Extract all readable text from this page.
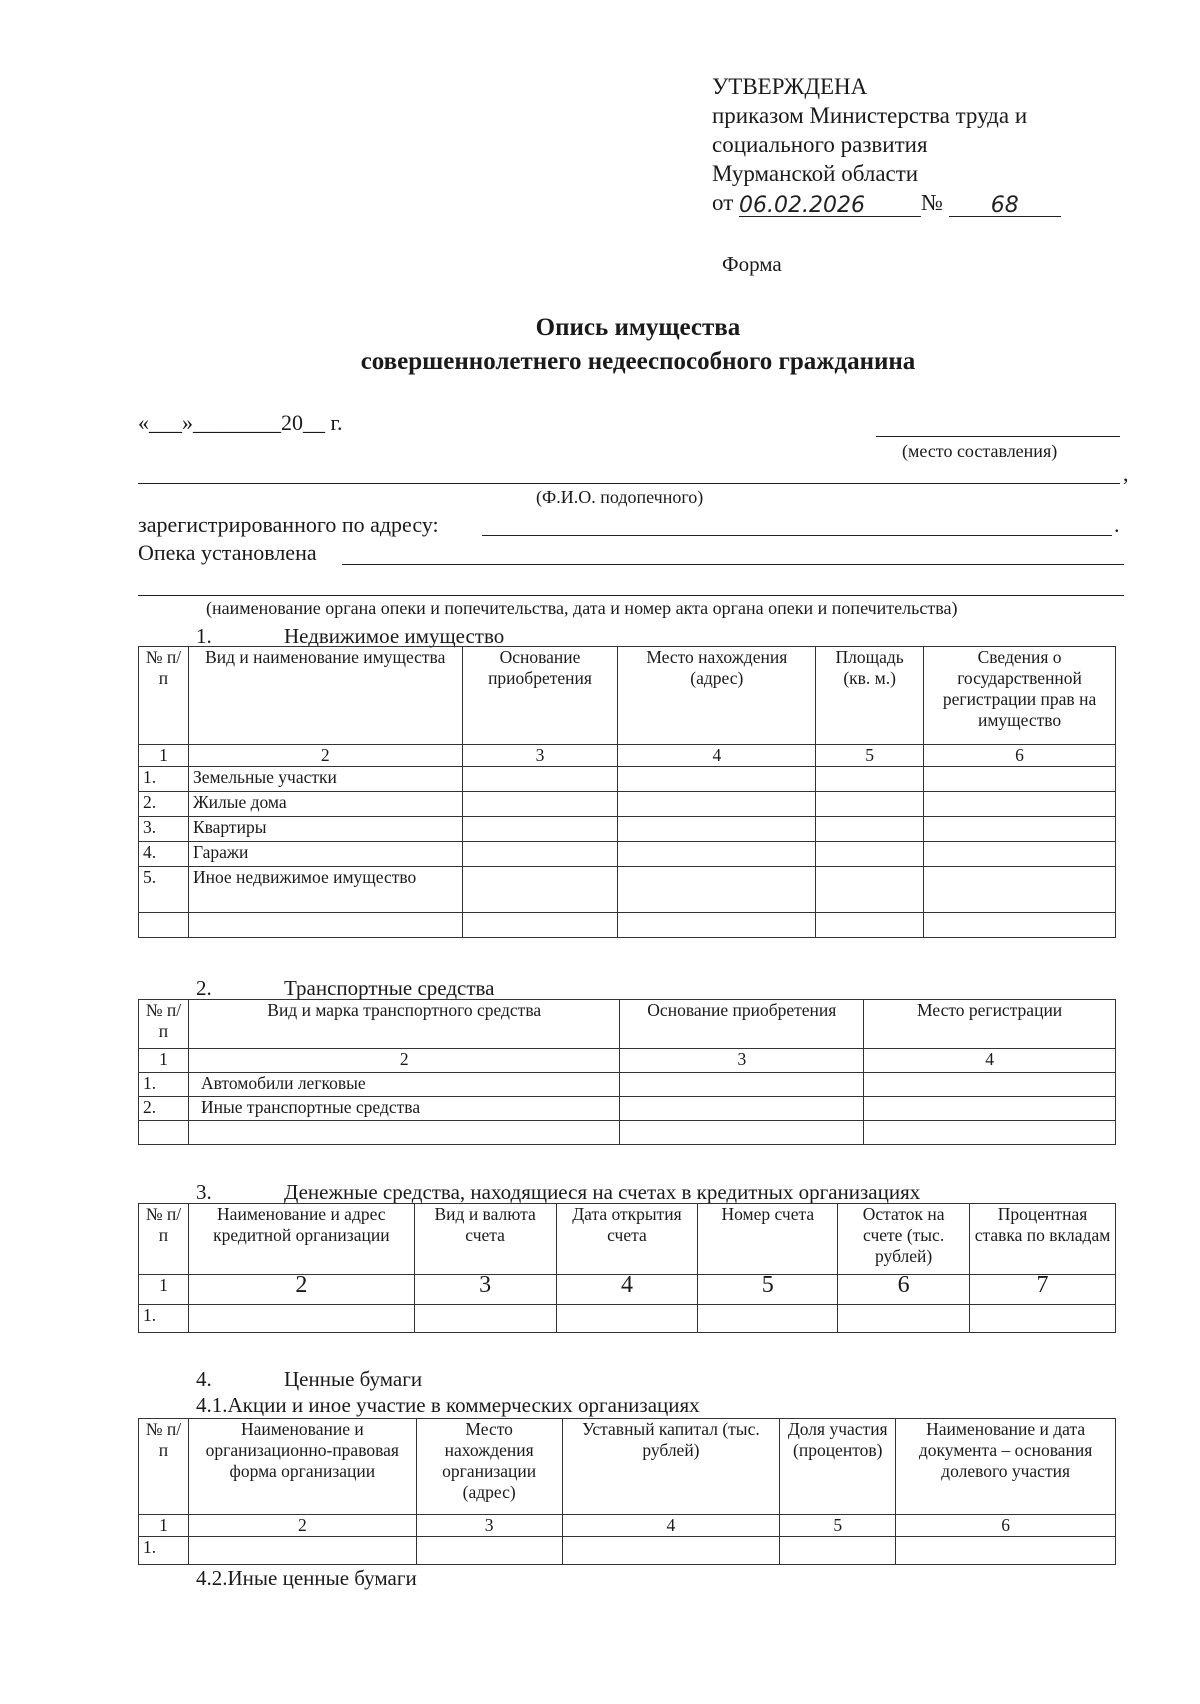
УТВЕРЖДЕНА
приказом Министерства труда и
социального развития
Мурманской области
от 06.02.2026 № 68
Форма
Опись имущества
совершеннолетнего недееспособного гражданина
«___»________20__ г.
(место составления)
,
(Ф.И.О. подопечного)
зарегистрированного по адресу:	.
Опека установлена
(наименование органа опеки и попечительства, дата и номер акта органа опеки и попечительства)
1.	Недвижимое имущество
№ п/п	Вид и наименование имущества	Основание приобретения	Место нахождения (адрес)	Площадь (кв. м.)	Сведения о государственной регистрации прав на имущество
1	2	3	4	5	6
1.	Земельные участки				
2.	Жилые дома				
3.	Квартиры				
4.	Гаражи				
5.	Иное недвижимое имущество				

2.	Транспортные средства
№ п/п	Вид и марка транспортного средства	Основание приобретения	Место регистрации
1	2	3	4
1.	Автомобили легковые		
2.	Иные транспортные средства		

3.	Денежные средства, находящиеся на счетах в кредитных организациях
№ п/п	Наименование и адрес кредитной организации	Вид и валюта счета	Дата открытия счета	Номер счета	Остаток на счете (тыс. рублей)	Процентная ставка по вкладам
1	2	3	4	5	6	7
1.						
4.	Ценные бумаги
4.1.Акции и иное участие в коммерческих организациях
№ п/п	Наименование и организационно-правовая форма организации	Место нахождения организации (адрес)	Уставный капитал (тыс. рублей)	Доля участия (процентов)	Наименование и дата документа – основания долевого участия
1	2	3	4	5	6
1.					
4.2.Иные ценные бумаги
